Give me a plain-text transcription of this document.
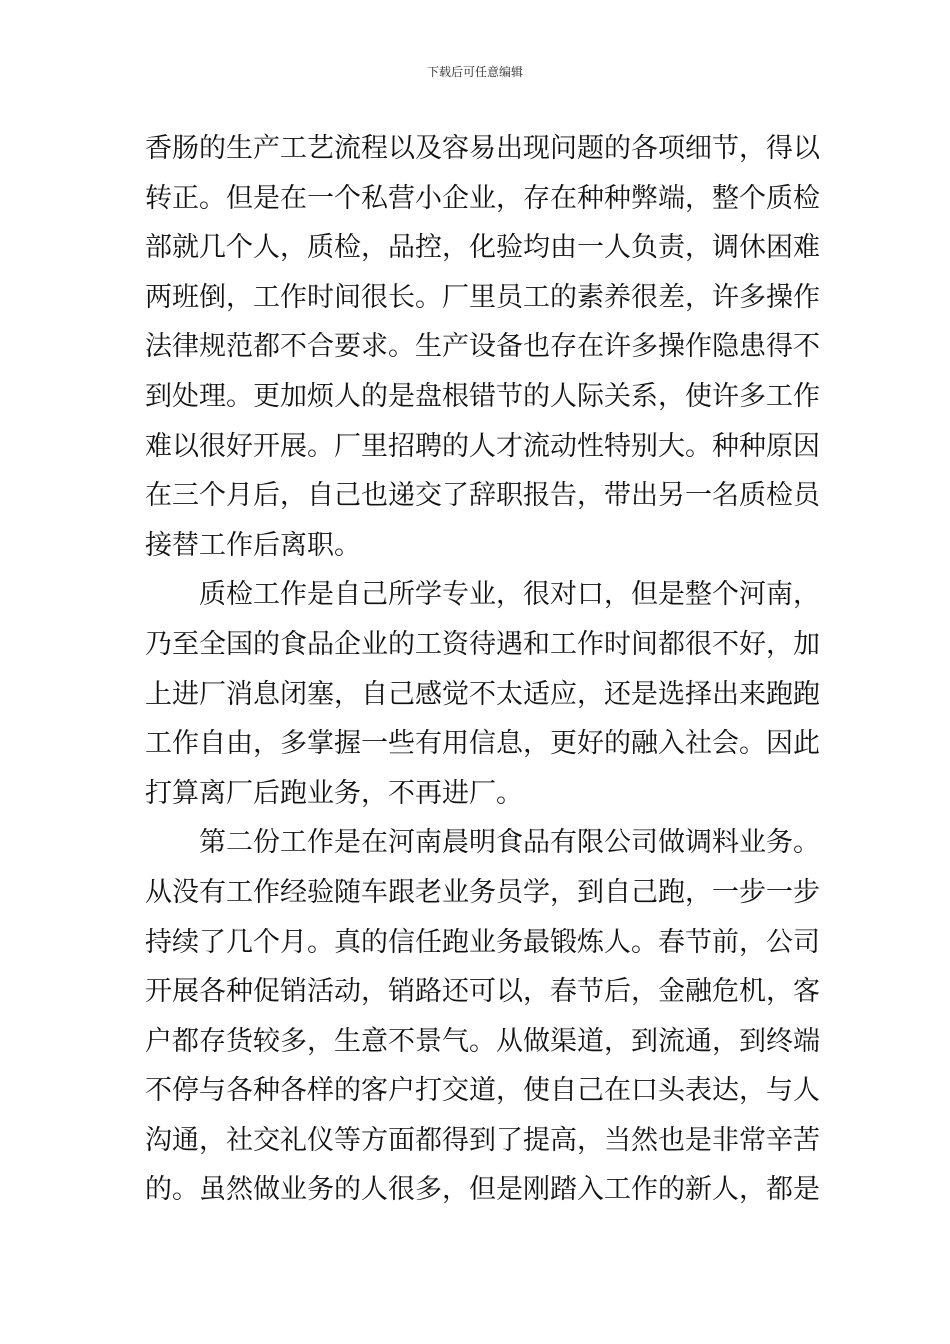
下载后可任意编辑
香肠的生产工艺流程以及容易出现问题的各项细节，得以
转正。但是在一个私营小企业，存在种种弊端，整个质检
部就几个人，质检，品控，化验均由一人负责，调休困难
两班倒，工作时间很长。厂里员工的素养很差，许多操作
法律规范都不合要求。生产设备也存在许多操作隐患得不
到处理。更加烦人的是盘根错节的人际关系，使许多工作
难以很好开展。厂里招聘的人才流动性特别大。种种原因
在三个月后，自己也递交了辞职报告，带出另一名质检员
接替工作后离职。
　　质检工作是自己所学专业，很对口，但是整个河南，
乃至全国的食品企业的工资待遇和工作时间都很不好，加
上进厂消息闭塞，自己感觉不太适应，还是选择出来跑跑
工作自由，多掌握一些有用信息，更好的融入社会。因此
打算离厂后跑业务，不再进厂。
　　第二份工作是在河南晨明食品有限公司做调料业务。
从没有工作经验随车跟老业务员学，到自己跑，一步一步
持续了几个月。真的信任跑业务最锻炼人。春节前，公司
开展各种促销活动，销路还可以，春节后，金融危机，客
户都存货较多，生意不景气。从做渠道，到流通，到终端
不停与各种各样的客户打交道，使自己在口头表达，与人
沟通，社交礼仪等方面都得到了提高，当然也是非常辛苦
的。虽然做业务的人很多，但是刚踏入工作的新人，都是
